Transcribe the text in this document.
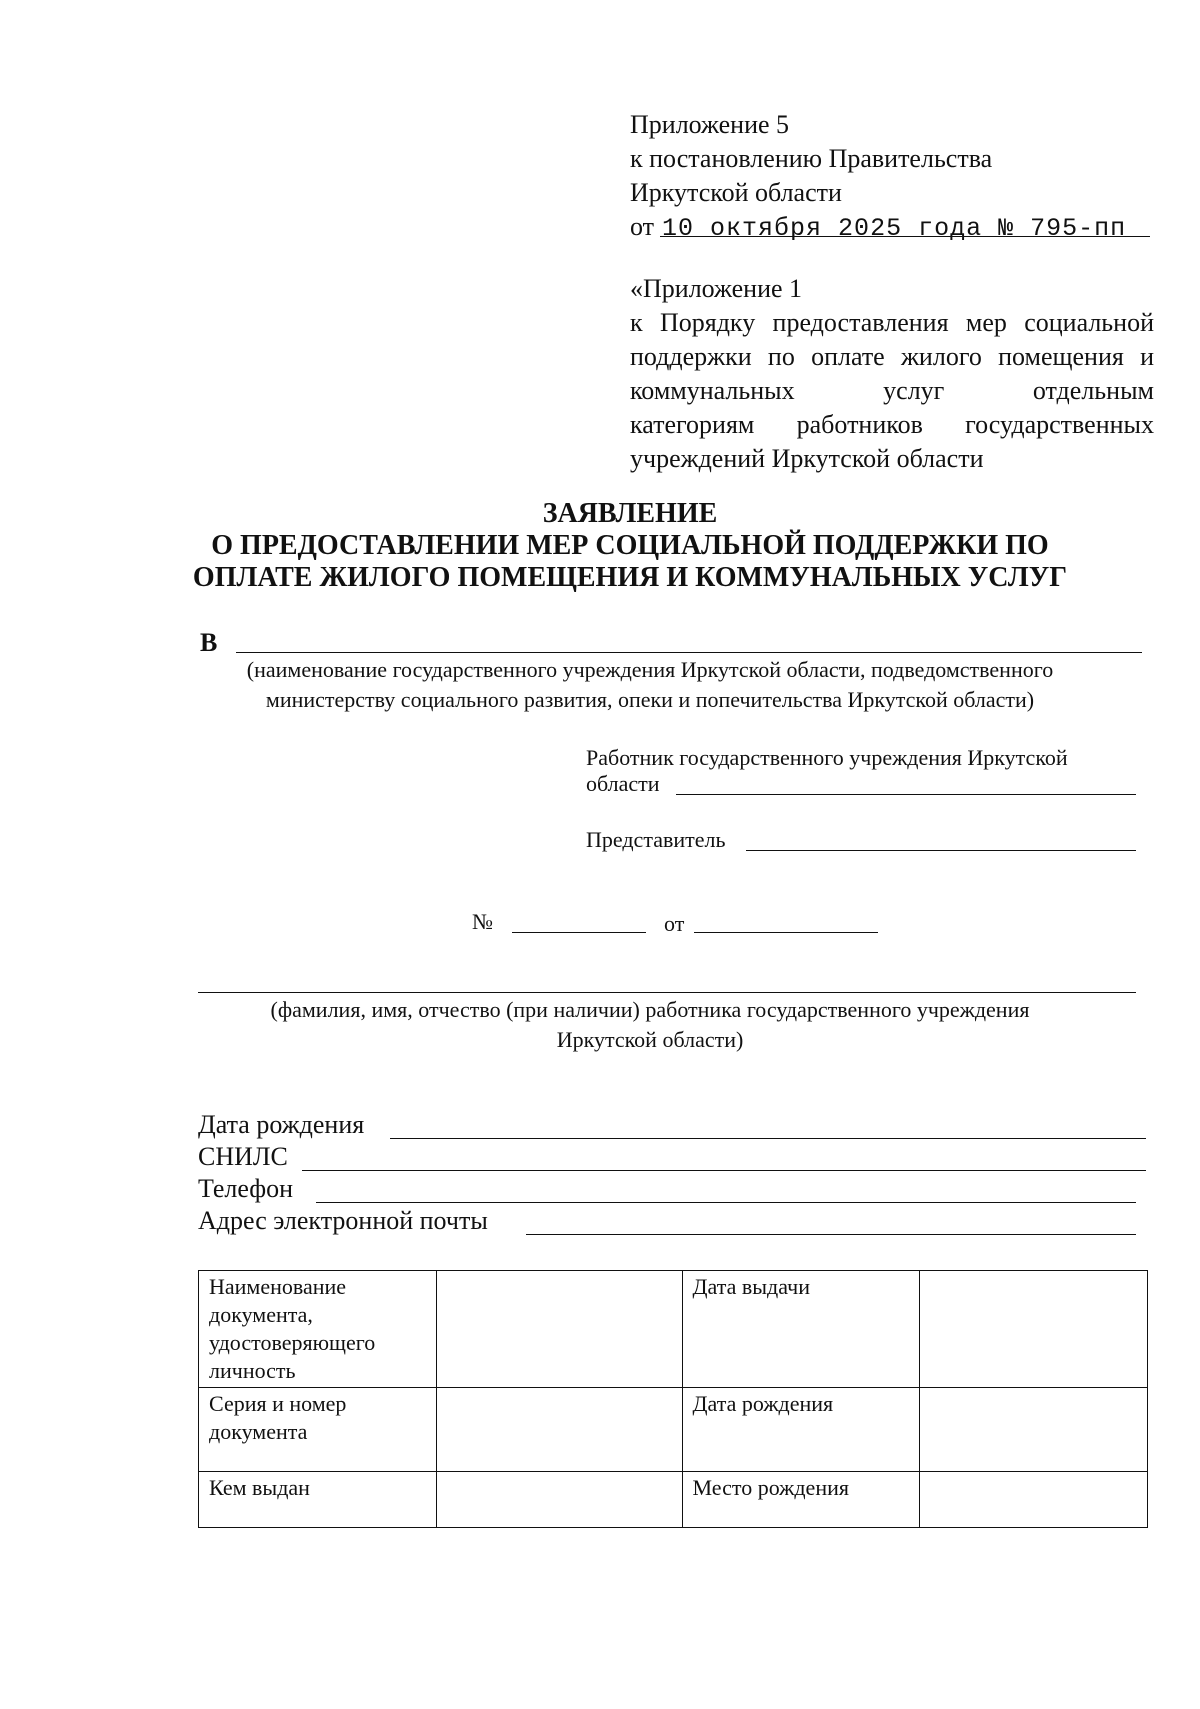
Приложение 5
к постановлению Правительства
Иркутской области
от 10 октября 2025 года № 795-пп
«Приложение 1
к Порядку предоставления мер социальной
поддержки по оплате жилого помещения и
коммунальных услуг отдельным
категориям работников государственных
учреждений Иркутской области
ЗАЯВЛЕНИЕ
О ПРЕДОСТАВЛЕНИИ МЕР СОЦИАЛЬНОЙ ПОДДЕРЖКИ ПО
ОПЛАТЕ ЖИЛОГО ПОМЕЩЕНИЯ И КОММУНАЛЬНЫХ УСЛУГ
В
(наименование государственного учреждения Иркутской области, подведомственного
министерству социального развития, опеки и попечительства Иркутской области)
Работник государственного учреждения Иркутской
области
Представитель
№	от
(фамилия, имя, отчество (при наличии) работника государственного учреждения
Иркутской области)
Дата рождения
СНИЛС
Телефон
Адрес электронной почты
Наименование документа, удостоверяющего личность		Дата выдачи	
Серия и номер документа		Дата рождения	
Кем выдан		Место рождения	
